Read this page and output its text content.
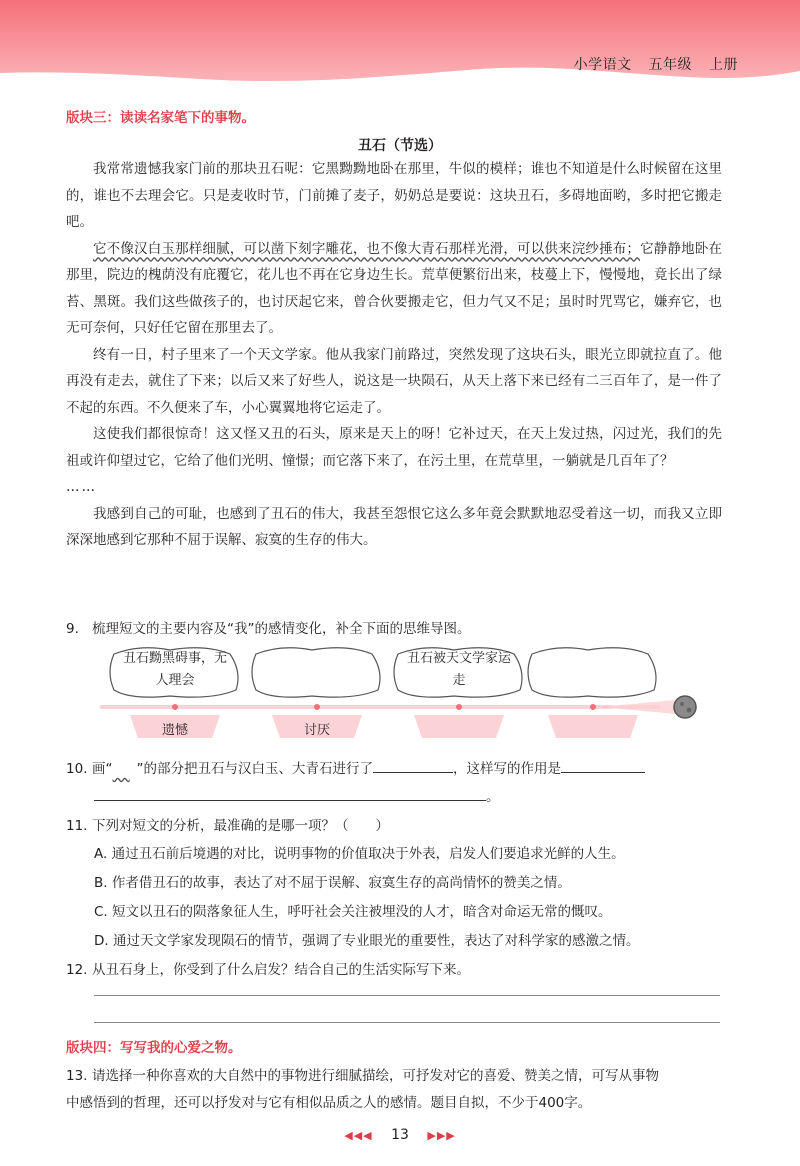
小学语文 五年级 上册
版块三：读读名家笔下的事物。
丑石（节选）

我常常遗憾我家门前的那块丑石呢：它黑黝黝地卧在那里，牛似的模样；谁也不知道是什么时候留在这里的，谁也不去理会它。只是麦收时节，门前摊了麦子，奶奶总是要说：这块丑石，多碍地面哟，多时把它搬走吧。

它不像汉白玉那样细腻，可以凿下刻字雕花，也不像大青石那样光滑，可以供来浣纱捶布；它静静地卧在那里，院边的槐荫没有庇覆它，花儿也不再在它身边生长。荒草便繁衍出来，枝蔓上下，慢慢地，竟长出了绿苔、黑斑。我们这些做孩子的，也讨厌起它来，曾合伙要搬走它，但力气又不足；虽时时咒骂它，嫌弃它，也无可奈何，只好任它留在那里去了。

终有一日，村子里来了一个天文学家。他从我家门前路过，突然发现了这块石头，眼光立即就拉直了。他再没有走去，就住了下来；以后又来了好些人，说这是一块陨石，从天上落下来已经有二三百年了，是一件了不起的东西。不久便来了车，小心翼翼地将它运走了。

这使我们都很惊奇！这又怪又丑的石头，原来是天上的呀！它补过天，在天上发过热，闪过光，我们的先祖或许仰望过它，它给了他们光明、憧憬；而它落下来了，在污土里，在荒草里，一躺就是几百年了？

……

我感到自己的可耻，也感到了丑石的伟大，我甚至怨恨它这么多年竟会默默地忍受着这一切，而我又立即深深地感到它那种不屈于误解、寂寞的生存的伟大。

9. 梳理短文的主要内容及“我”的感情变化，补全下面的思维导图。
丑石黝黑碍事，无人理会
丑石被天文学家运走
遗憾	讨厌
10. 画“ ”的部分把丑石与汉白玉、大青石进行了	，这样写的作用是
。
11. 下列对短文的分析，最准确的是哪一项？（　　）
A. 通过丑石前后境遇的对比，说明事物的价值取决于外表，启发人们要追求光鲜的人生。
B. 作者借丑石的故事，表达了对不屈于误解、寂寞生存的高尚情怀的赞美之情。
C. 短文以丑石的陨落象征人生，呼吁社会关注被埋没的人才，暗含对命运无常的慨叹。
D. 通过天文学家发现陨石的情节，强调了专业眼光的重要性，表达了对科学家的感激之情。
12. 从丑石身上，你受到了什么启发？结合自己的生活实际写下来。
版块四：写写我的心爱之物。
13. 请选择一种你喜欢的大自然中的事物进行细腻描绘，可抒发对它的喜爱、赞美之情，可写从事物
中感悟到的哲理，还可以抒发对与它有相似品质之人的感情。题目自拟，不少于400字。
◀◀◀ 13 ▶▶▶
